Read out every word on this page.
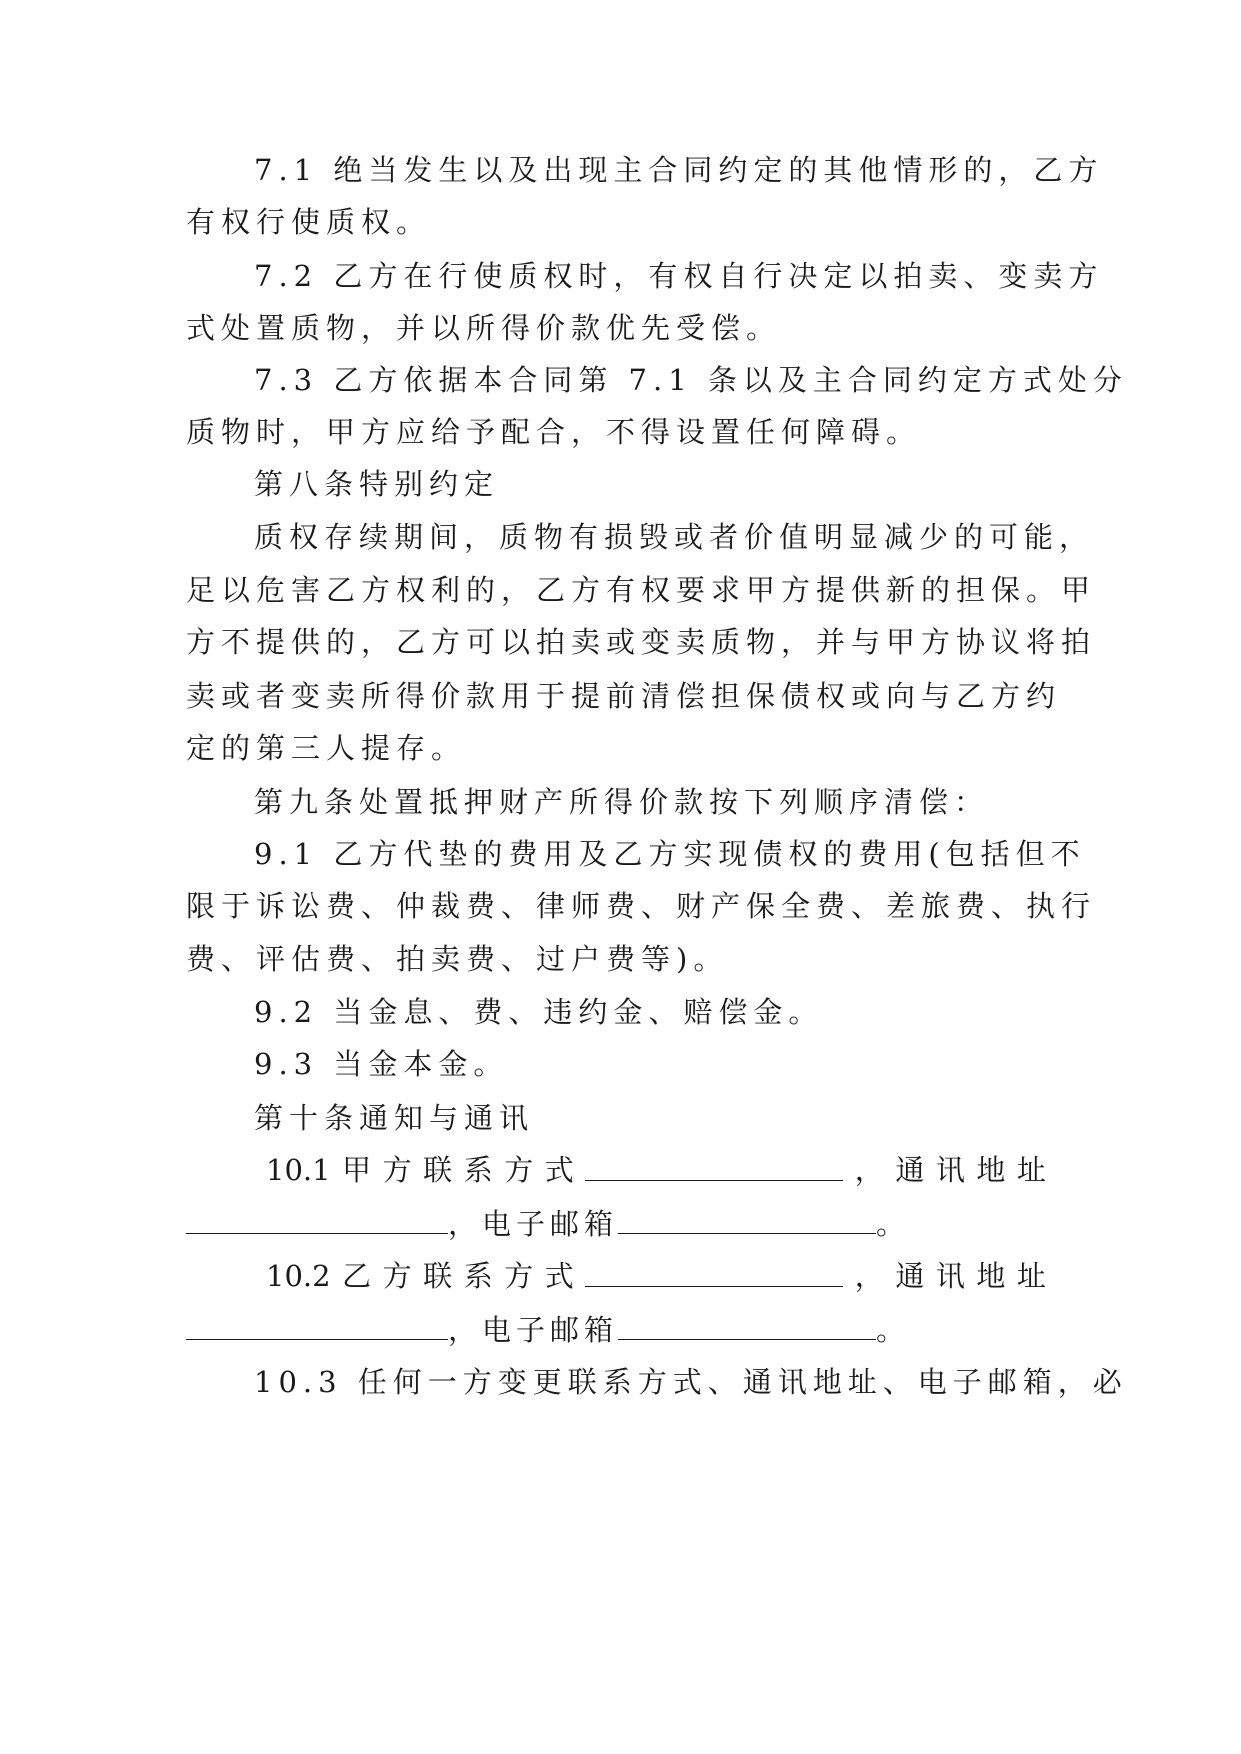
7.1 绝当发生以及出现主合同约定的其他情形的，乙方
有权行使质权。
7.2 乙方在行使质权时，有权自行决定以拍卖、变卖方
式处置质物，并以所得价款优先受偿。
7.3 乙方依据本合同第 7.1 条以及主合同约定方式处分
质物时，甲方应给予配合，不得设置任何障碍。
第八条特别约定
质权存续期间，质物有损毁或者价值明显减少的可能，
足以危害乙方权利的，乙方有权要求甲方提供新的担保。甲
方不提供的，乙方可以拍卖或变卖质物，并与甲方协议将拍
卖或者变卖所得价款用于提前清偿担保债权或向与乙方约
定的第三人提存。
第九条处置抵押财产所得价款按下列顺序清偿：
9.1 乙方代垫的费用及乙方实现债权的费用(包括但不
限于诉讼费、仲裁费、律师费、财产保全费、差旅费、执行
费、评估费、拍卖费、过户费等)。
9.2 当金息、费、违约金、赔偿金。
9.3 当金本金。
第十条通知与通讯
10.1 甲 方 联 系 方 式	， 通 讯 地 址
，电子邮箱	。
10.2 乙 方 联 系 方 式	， 通 讯 地 址
，电子邮箱	。
10.3 任何一方变更联系方式、通讯地址、电子邮箱，必
